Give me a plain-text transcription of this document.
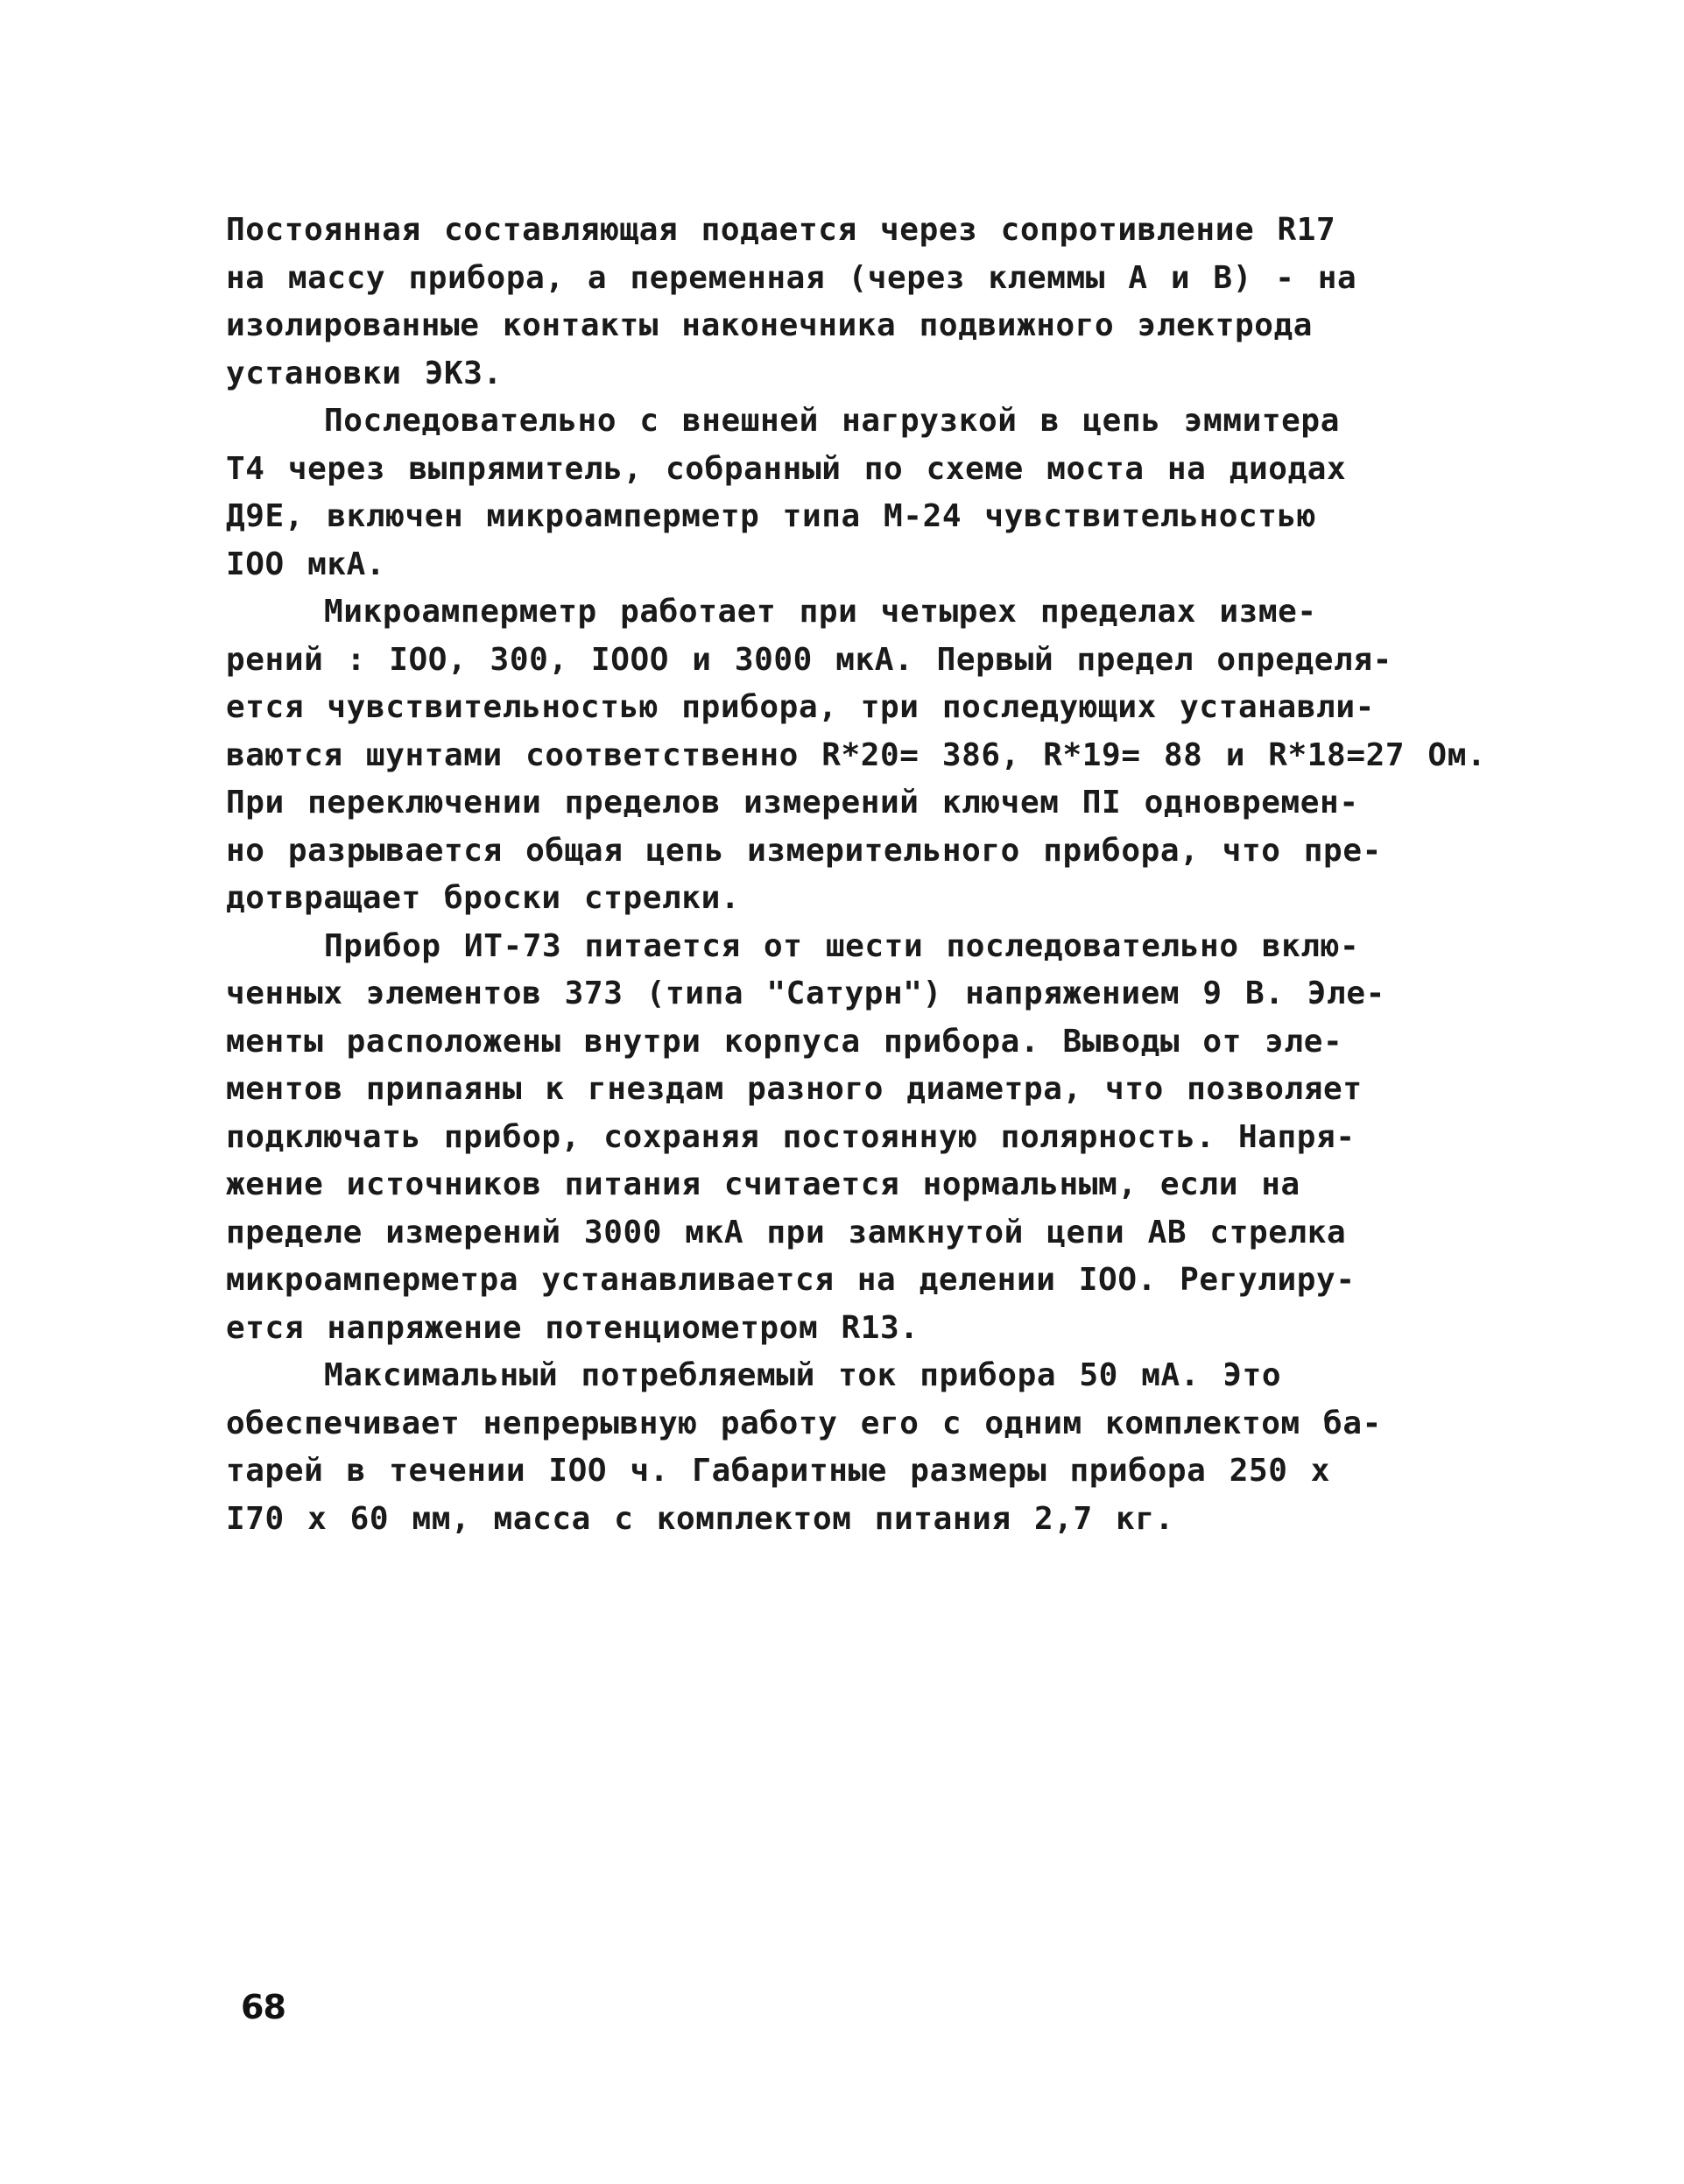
Постоянная составляющая подается через сопротивление R17
на массу прибора, а переменная (через клеммы А и В) - на
изолированные контакты наконечника подвижного электрода
установки ЭКЗ.
Последовательно с внешней нагрузкой в цепь эммитера
Т4 через выпрямитель, собранный по схеме моста на диодах
Д9Е, включен микроамперметр типа М-24 чувствительностью
IOO мкА.
Микроамперметр работает при четырех пределах изме-
рений : IOO, 300, IOOO и 3000 мкА. Первый предел определя-
ется чувствительностью прибора, три последующих устанавли-
ваются шунтами соответственно R*20= 386, R*19= 88 и R*18=27 Ом.
При переключении пределов измерений ключем ПI одновремен-
но разрывается общая цепь измерительного прибора, что пре-
дотвращает броски стрелки.
Прибор ИТ-73 питается от шести последовательно вклю-
ченных элементов 373 (типа "Сатурн") напряжением 9 В. Эле-
менты расположены внутри корпуса прибора. Выводы от эле-
ментов припаяны к гнездам разного диаметра, что позволяет
подключать прибор, сохраняя постоянную полярность. Напря-
жение источников питания считается нормальным, если на
пределе измерений 3000 мкА при замкнутой цепи АВ стрелка
микроамперметра устанавливается на делении IOO. Регулиру-
ется напряжение потенциометром R13.
Максимальный потребляемый ток прибора 50 мА. Это
обеспечивает непрерывную работу его с одним комплектом ба-
тарей в течении IOO ч. Габаритные размеры прибора 250 х
I70 х 60 мм, масса с комплектом питания 2,7 кг.
68
